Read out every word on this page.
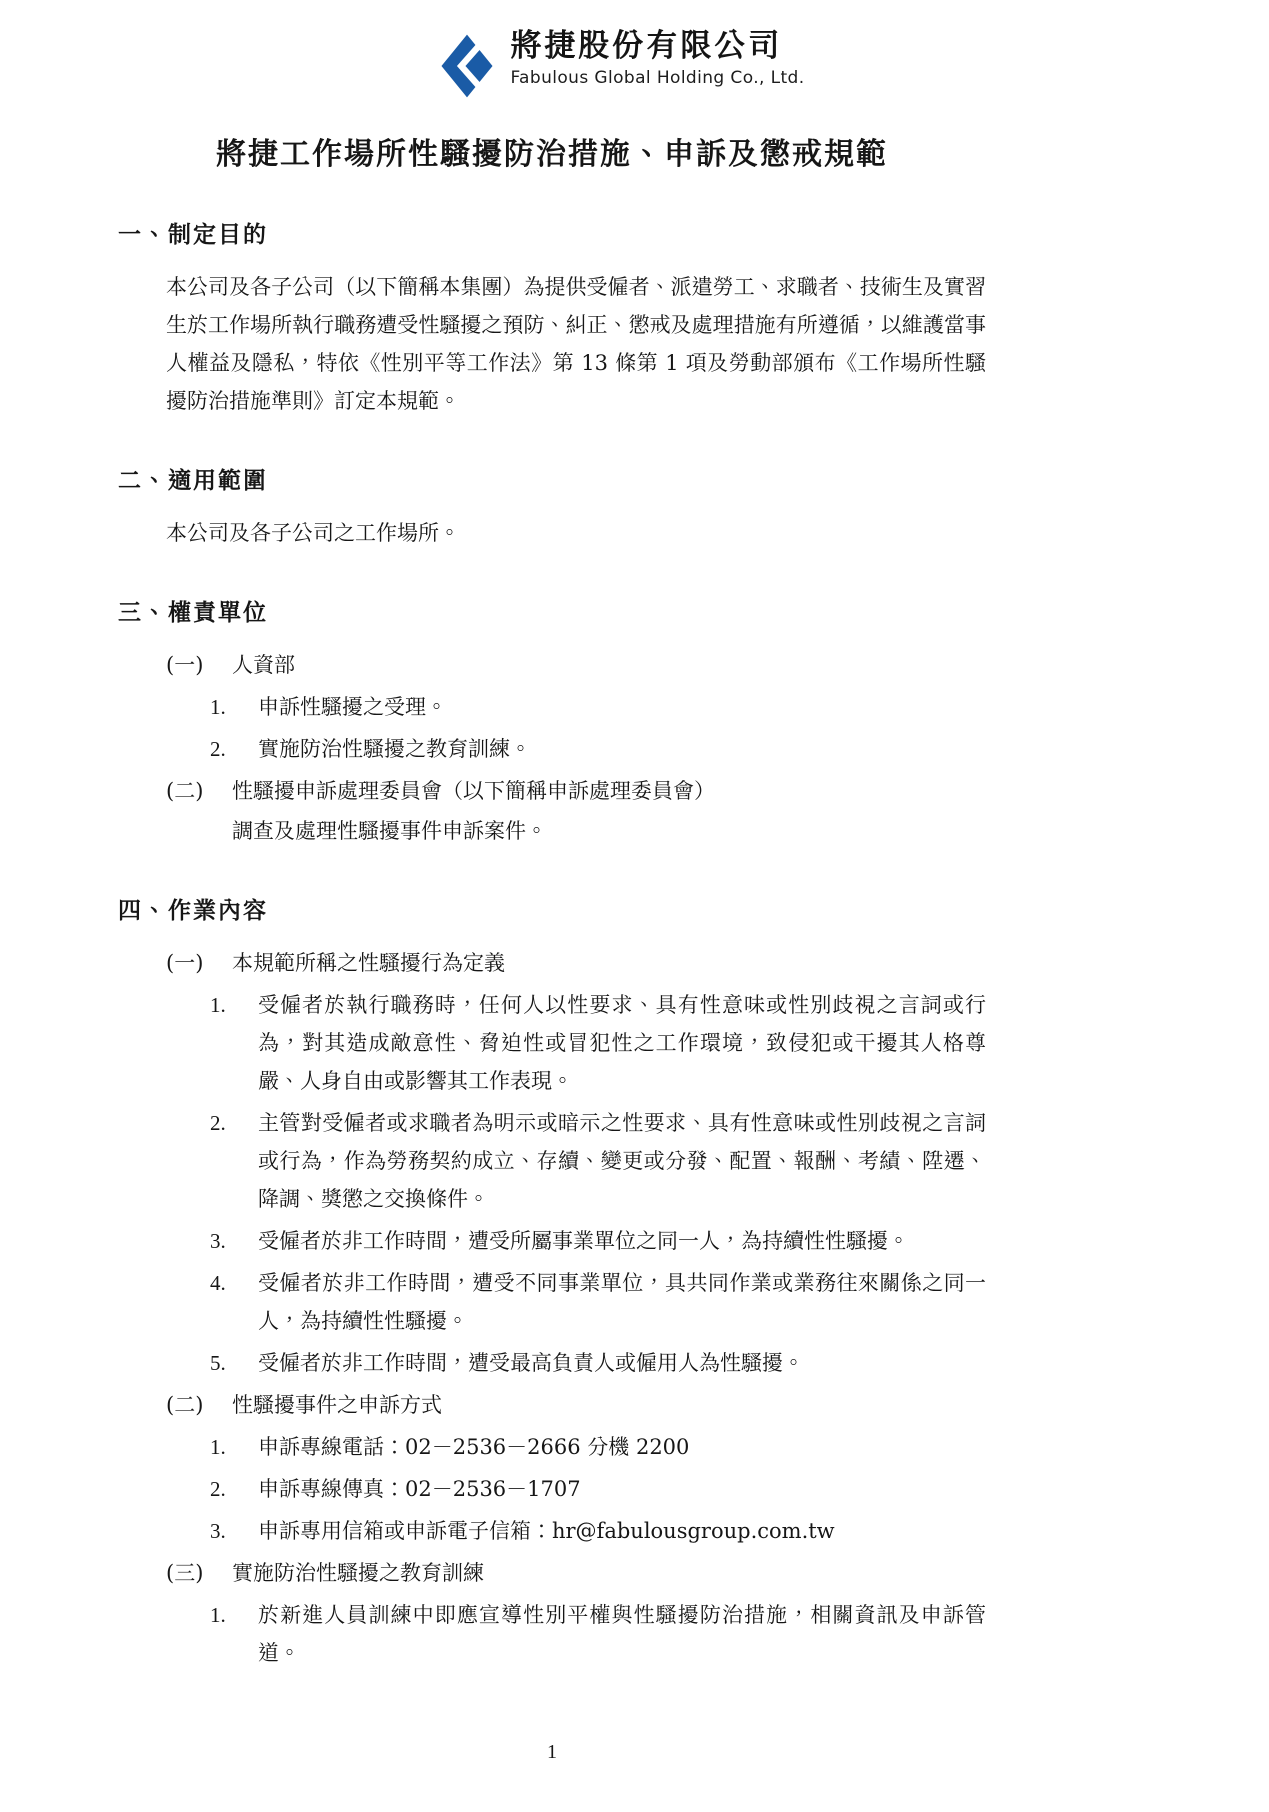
將捷股份有限公司
Fabulous Global Holding Co., Ltd.
將捷工作場所性騷擾防治措施、申訴及懲戒規範
一、制定目的

本公司及各子公司（以下簡稱本集團）為提供受僱者、派遣勞工、求職者、技術生及實習生於工作場所執行職務遭受性騷擾之預防、糾正、懲戒及處理措施有所遵循，以維護當事人權益及隱私，特依《性別平等工作法》第 13 條第 1 項及勞動部頒布《工作場所性騷擾防治措施準則》訂定本規範。

二、適用範圍

本公司及各子公司之工作場所。

三、權責單位
(一)	人資部
1.	申訴性騷擾之受理。
2.	實施防治性騷擾之教育訓練。
(二)	性騷擾申訴處理委員會（以下簡稱申訴處理委員會）
調查及處理性騷擾事件申訴案件。
四、作業內容
(一)	本規範所稱之性騷擾行為定義
1.	受僱者於執行職務時，任何人以性要求、具有性意味或性別歧視之言詞或行為，對其造成敵意性、脅迫性或冒犯性之工作環境，致侵犯或干擾其人格尊嚴、人身自由或影響其工作表現。
2.	主管對受僱者或求職者為明示或暗示之性要求、具有性意味或性別歧視之言詞或行為，作為勞務契約成立、存續、變更或分發、配置、報酬、考績、陞遷、降調、獎懲之交換條件。
3.	受僱者於非工作時間，遭受所屬事業單位之同一人，為持續性性騷擾。
4.	受僱者於非工作時間，遭受不同事業單位，具共同作業或業務往來關係之同一人，為持續性性騷擾。
5.	受僱者於非工作時間，遭受最高負責人或僱用人為性騷擾。
(二)	性騷擾事件之申訴方式
1.	申訴專線電話：02－2536－2666 分機 2200
2.	申訴專線傳真：02－2536－1707
3.	申訴專用信箱或申訴電子信箱：hr@fabulousgroup.com.tw
(三)	實施防治性騷擾之教育訓練
1.	於新進人員訓練中即應宣導性別平權與性騷擾防治措施，相關資訊及申訴管道。
1
